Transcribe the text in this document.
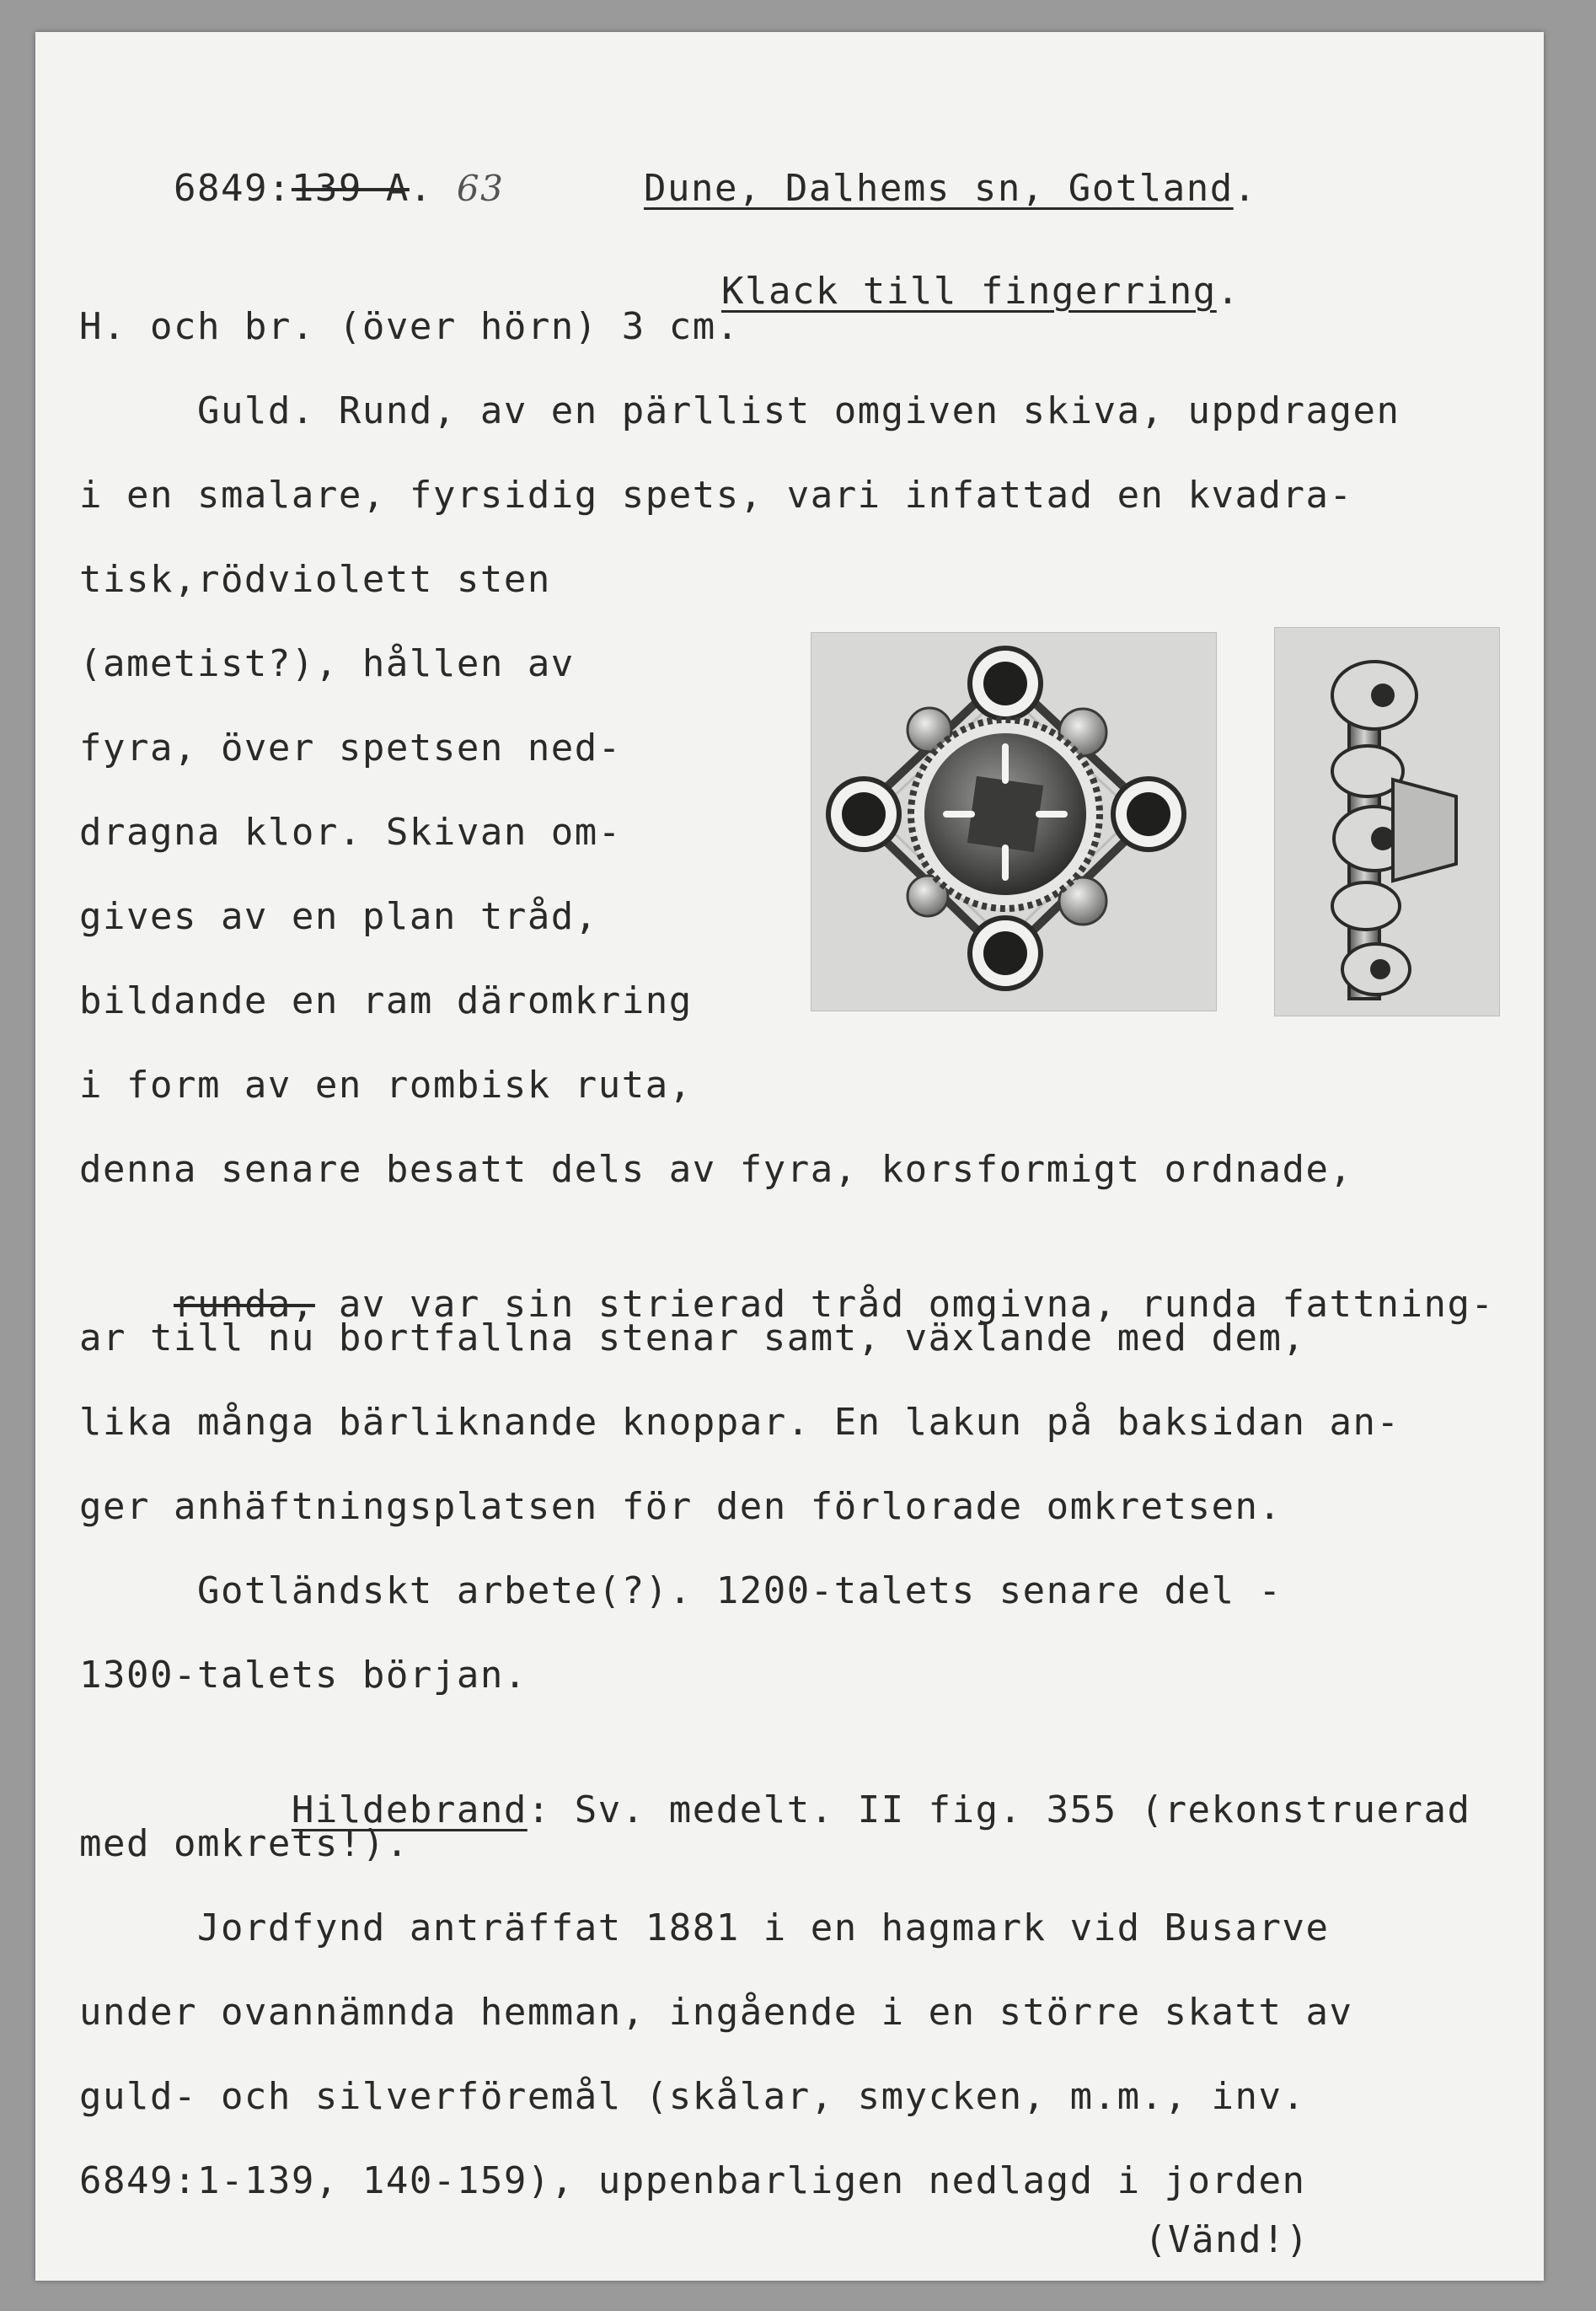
6849:139 A. 63
	Dune, Dalhems sn, Gotland.

Klack till fingerring.

H. och br. (över hörn) 3 cm.
Guld. Rund, av en pärllist omgiven skiva, uppdragen
i en smalare, fyrsidig spets, vari infattad en kvadra-
tisk,rödviolett sten
(ametist?), hållen av
fyra, över spetsen ned-
dragna klor. Skivan om-
gives av en plan tråd,
bildande en ram däromkring
i form av en rombisk ruta,
denna senare besatt dels av fyra, korsformigt ordnade,

runda, av var sin strierad tråd omgivna, runda fattning-

ar till nu bortfallna stenar samt, växlande med dem,
lika många bärliknande knoppar. En lakun på baksidan an-
ger anhäftningsplatsen för den förlorade omkretsen.
Gotländskt arbete(?). 1200-talets senare del -
1300-talets början.

Hildebrand: Sv. medelt. II fig. 355 (rekonstruerad

med omkrets!).
Jordfynd anträffat 1881 i en hagmark vid Busarve
under ovannämnda hemman, ingående i en större skatt av
guld- och silverföremål (skålar, smycken, m.m., inv.
6849:1-139, 140-159), uppenbarligen nedlagd i jorden
(Vänd!)
